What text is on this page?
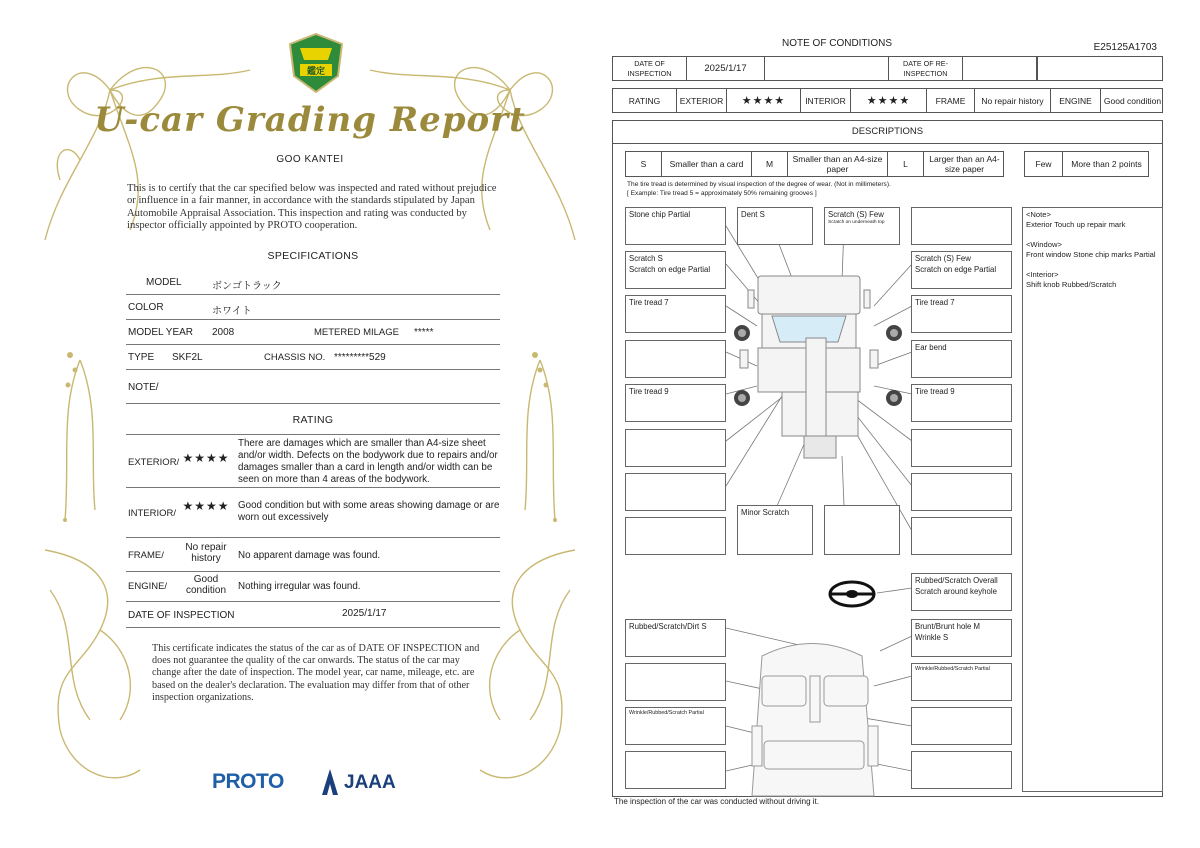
鑑定
U-car Grading Report
GOO KANTEI
This is to certify that the car specified below was inspected and rated without prejudice or influence in a fair manner, in accordance with the standards stipulated by Japan Automobile Appraisal Association. This inspection and rating was conducted by inspector officially appointed by PROTO cooperation.
SPECIFICATIONS
MODEL	ボンゴトラック
COLOR	ホワイト
MODEL YEAR 2008	METERED MILAGE *****
TYPE SKF2L	CHASSIS NO. *********529
NOTE/
RATING
EXTERIOR/ ★★★★
There are damages which are smaller than A4-size sheet and/or width. Defects on the bodywork due to repairs and/or damages smaller than a card in length and/or width can be seen on more than 4 areas of the bodywork.
INTERIOR/
★★★★ Good condition but with some areas showing damage or are worn out excessively
FRAME/
No repair history	No apparent damage was found.
ENGINE/
Good condition	Nothing irregular was found.
DATE OF INSPECTION	2025/1/17
This certificate indicates the status of the car as of DATE OF INSPECTION and does not guarantee the quality of the car onwards. The status of the car may change after the date of inspection. The model year, car name, mileage, etc. are based on the dealer's declaration. The evaluation may differ from that of other inspection organizations.
PROTO	JAAA
NOTE OF CONDITIONS	E25125A1703
DATE OF INSPECTION	2025/1/17	DATE OF RE-INSPECTION
RATING	EXTERIOR	★★★★	INTERIOR	★★★★	FRAME	No repair history	ENGINE	Good condition
DESCRIPTIONS
S	Smaller than a card	M	Smaller than an A4-size paper	L	Larger than an A4-size paper	Few	More than 2 points
The tire tread is determined by visual inspection of the degree of wear. (Not in millimeters).
[ Example: Tire tread 5 = approximately 50% remaining grooves ]
Stone chip Partial	Dent S	Scratch (S) Few
Scratch on underneath top
Scratch S
Scratch on edge Partial
Scratch (S) Few
Scratch on edge Partial
Tire tread 7	Tire tread 7
Ear bend
Tire tread 9	Tire tread 9
Minor Scratch
Rubbed/Scratch Overall
Scratch around keyhole
Rubbed/Scratch/Dirt S	Brunt/Brunt hole M
Wrinkle S
Wrinkle/Rubbed/Scratch Partial
Wrinkle/Rubbed/Scratch Partial
<Note>

Exterior Touch up repair mark

<Window>

Front window Stone chip marks Partial

<Interior>

Shift knob Rubbed/Scratch

The inspection of the car was conducted without driving it.
